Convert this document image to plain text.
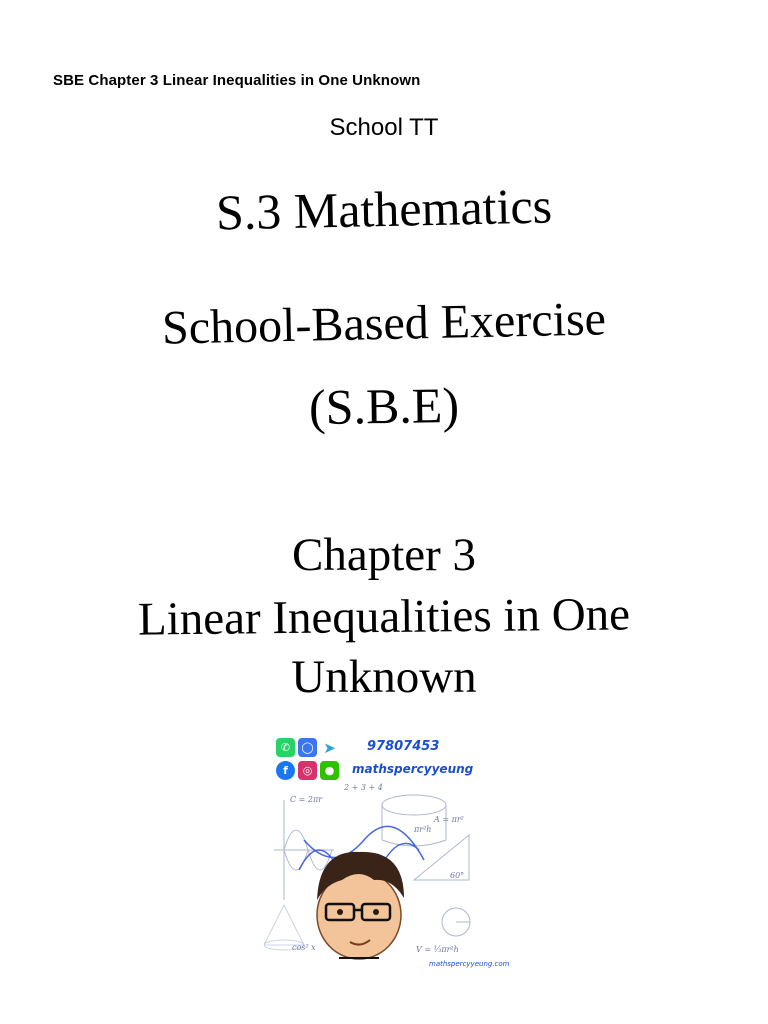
SBE Chapter 3 Linear Inequalities in One Unknown
School TT
S.3 Mathematics
School-Based Exercise
(S.B.E)
Chapter 3
Linear Inequalities in One
Unknown
✆	◯ ➤
f	◎	●
97807453
mathspercyyeung
C = 2πr
A = πr²
πr²h
60°
V = ⅓πr²h
cos² x
2 + 3 + 4
mathspercyyeung.com
